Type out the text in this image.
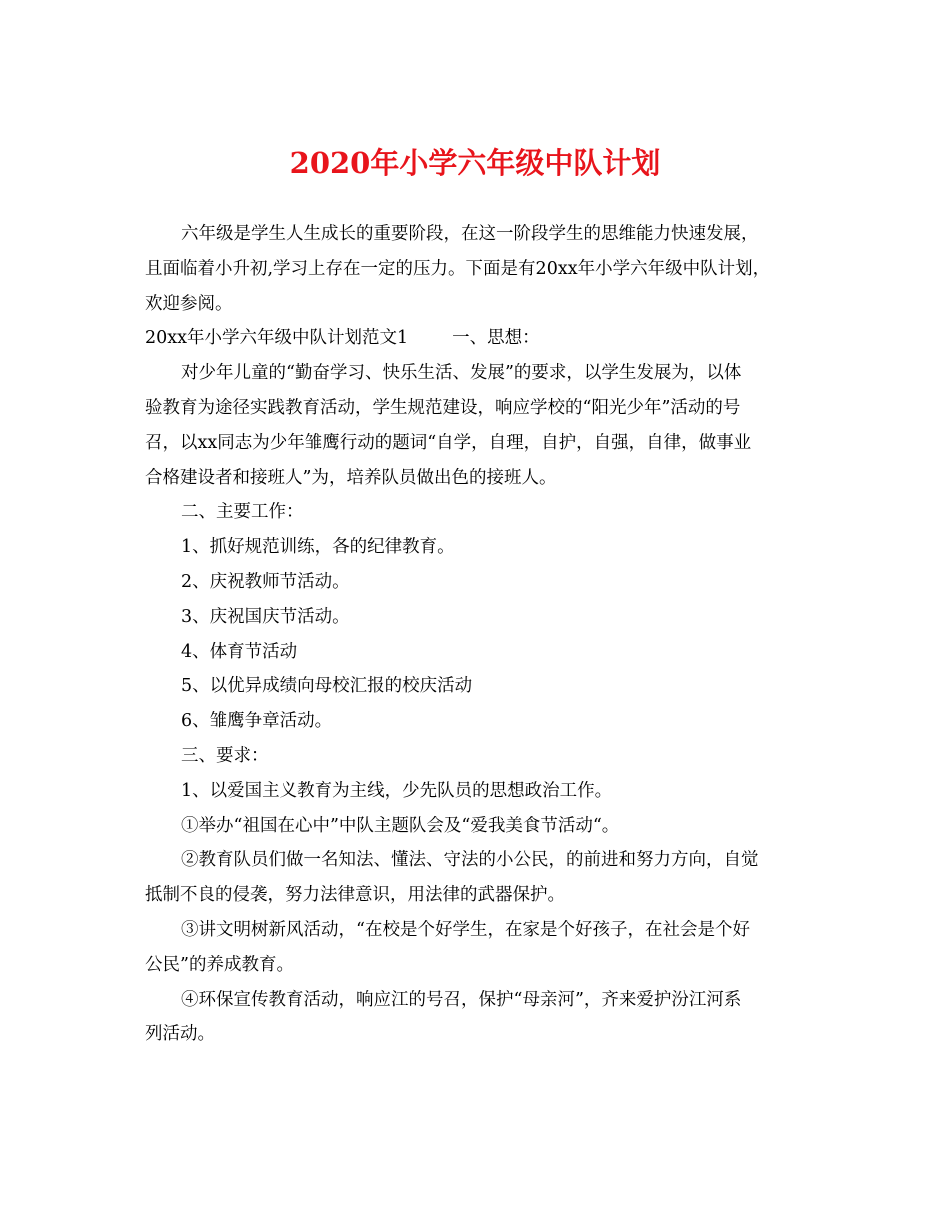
2020年小学六年级中队计划

六年级是学生人生成长的重要阶段，在这一阶段学生的思维能力快速发展，

且面临着小升初,学习上存在一定的压力。下面是有20xx年小学六年级中队计划，

欢迎参阅。

20xx年小学六年级中队计划范文1	一、思想：

对少年儿童的“勤奋学习、快乐生活、发展”的要求，以学生发展为，以体

验教育为途径实践教育活动，学生规范建设，响应学校的“阳光少年”活动的号

召，以xx同志为少年雏鹰行动的题词“自学，自理，自护，自强，自律，做事业

合格建设者和接班人”为，培养队员做出色的接班人。

二、主要工作：

1、抓好规范训练，各的纪律教育。

2、庆祝教师节活动。

3、庆祝国庆节活动。

4、体育节活动

5、以优异成绩向母校汇报的校庆活动

6、雏鹰争章活动。

三、要求：

1、以爱国主义教育为主线，少先队员的思想政治工作。

①举办“祖国在心中”中队主题队会及“爱我美食节活动“。

②教育队员们做一名知法、懂法、守法的小公民，的前进和努力方向，自觉

抵制不良的侵袭，努力法律意识，用法律的武器保护。

③讲文明树新风活动，“在校是个好学生，在家是个好孩子，在社会是个好

公民”的养成教育。

④环保宣传教育活动，响应江的号召，保护“母亲河”，齐来爱护汾江河系

列活动。
